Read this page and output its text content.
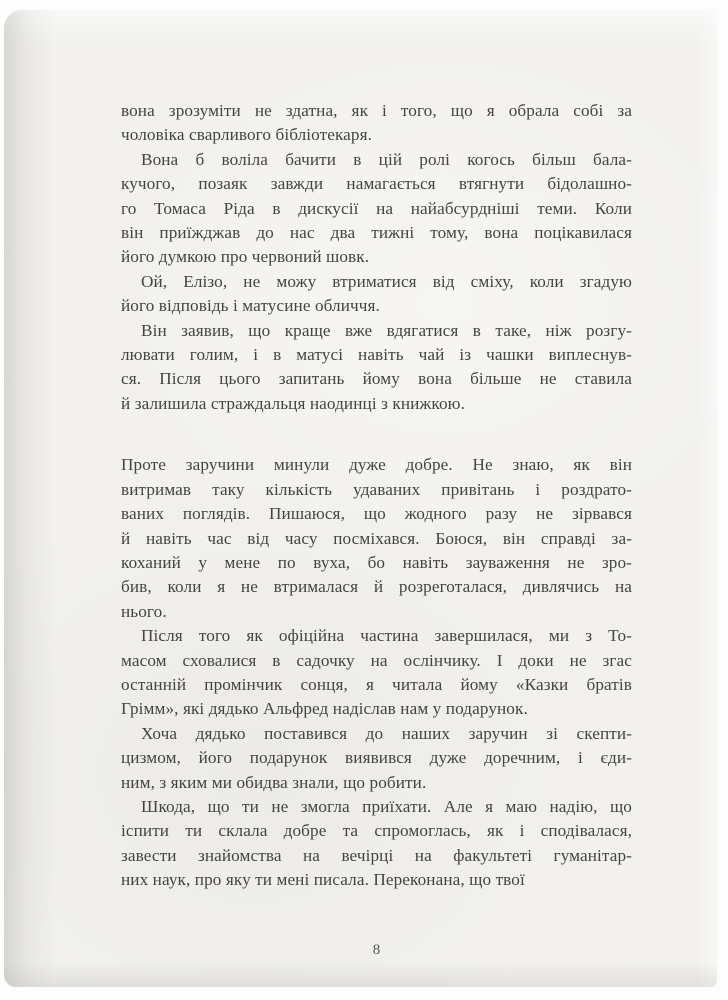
вона зрозуміти не здатна, як і того, що я обрала собі за
чоловіка сварливого бібліотекаря.
Вона б воліла бачити в цій ролі когось більш бала-
кучого, позаяк завжди намагається втягнути бідолашно-
го Томаса Ріда в дискусії на найабсурдніші теми. Коли
він приїжджав до нас два тижні тому, вона поцікавилася
його думкою про червоний шовк.
Ой, Елізо, не можу втриматися від сміху, коли згадую
його відповідь і матусине обличчя.
Він заявив, що краще вже вдягатися в таке, ніж розгу-
лювати голим, і в матусі навіть чай із чашки виплеснув-
ся. Після цього запитань йому вона більше не ставила
й залишила страждальця наодинці з книжкою.
Проте заручини минули дуже добре. Не знаю, як він
витримав таку кількість удаваних привітань і роздрато-
ваних поглядів. Пишаюся, що жодного разу не зірвався
й навіть час від часу посміхався. Боюся, він справді за-
коханий у мене по вуха, бо навіть зауваження не зро-
бив, коли я не втрималася й розреготалася, дивлячись на
нього.
Після того як офіційна частина завершилася, ми з То-
масом сховалися в садочку на ослінчику. І доки не згас
останній промінчик сонця, я читала йому «Казки братів
Грімм», які дядько Альфред надіслав нам у подарунок.
Хоча дядько поставився до наших заручин зі скепти-
цизмом, його подарунок виявився дуже доречним, і єди-
ним, з яким ми обидва знали, що робити.
Шкода, що ти не змогла приїхати. Але я маю надію, що
іспити ти склала добре та спромоглась, як і сподівалася,
завести знайомства на вечірці на факультеті гуманітар-
них наук, про яку ти мені писала. Переконана, що твої
8
